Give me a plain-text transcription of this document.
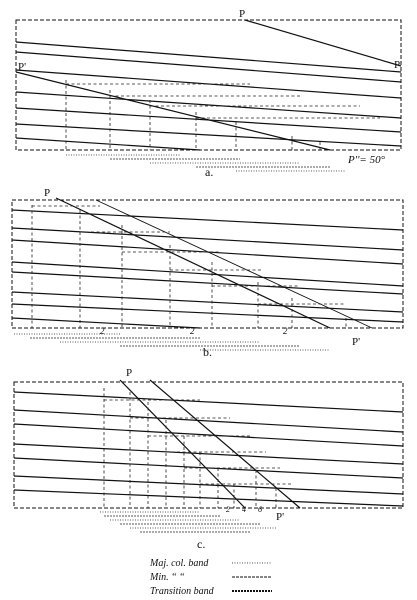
P
P'	P'
P''= 50°
a.
P
P'
2	2	2
b.
P
P'
2 4 6
c.
Maj. col. band
Min. “ “
Transition band
